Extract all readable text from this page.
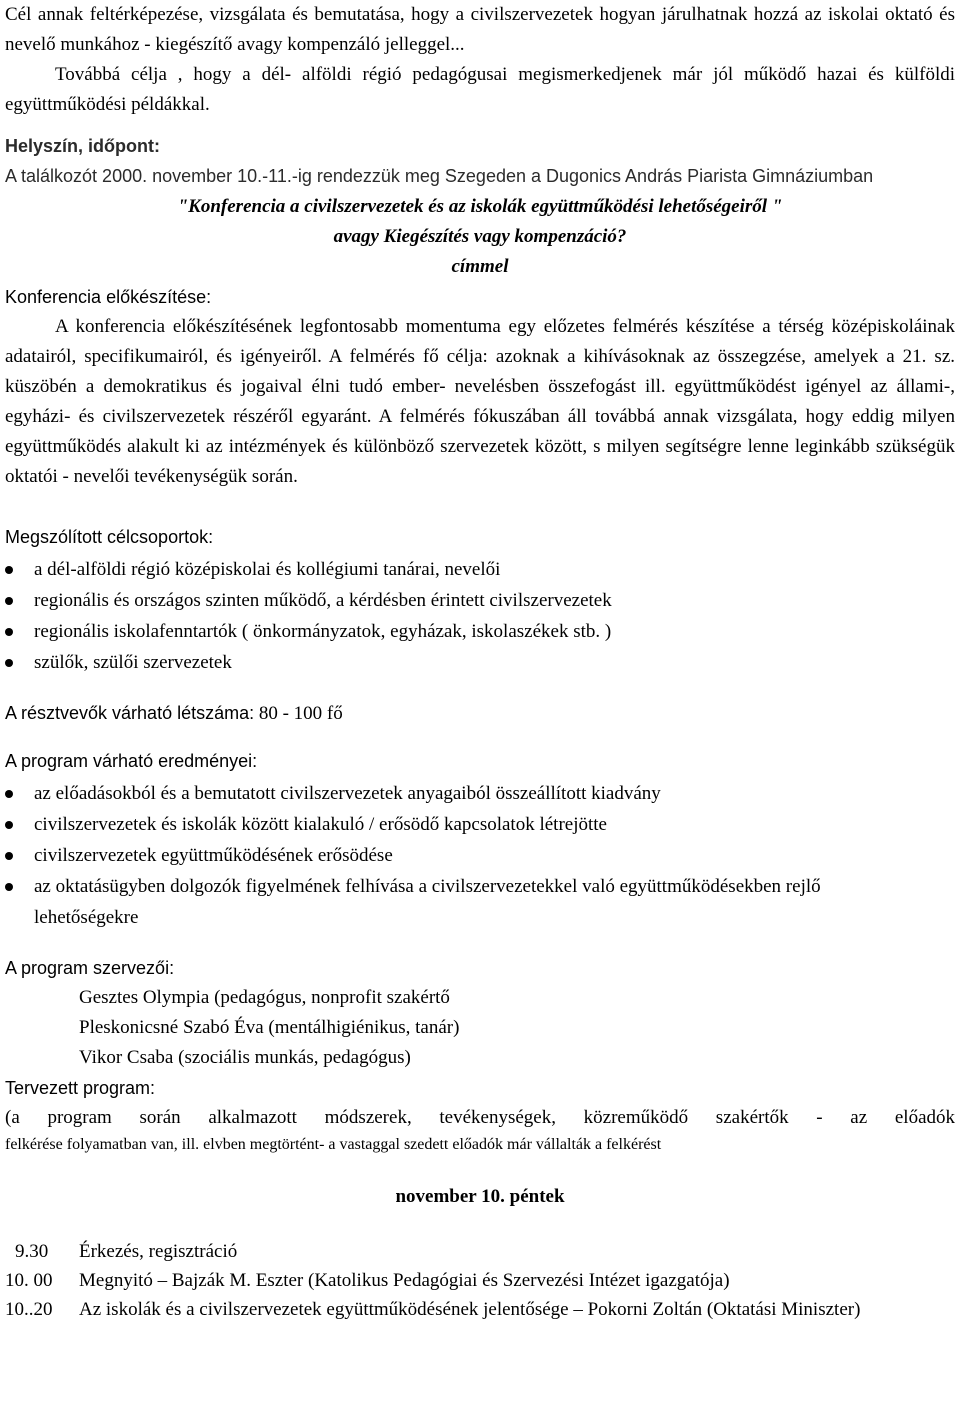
Cél annak feltérképezése, vizsgálata és bemutatása, hogy a civilszervezetek hogyan járulhatnak hozzá az iskolai oktató és nevelő munkához - kiegészítő avagy kompenzáló jelleggel...

Továbbá célja , hogy a dél- alföldi régió pedagógusai megismerkedjenek már jól működő hazai és külföldi együttműködési példákkal.

Helyszín, időpont:

A találkozót 2000. november 10.-11.-ig rendezzük meg Szegeden a Dugonics András Piarista Gimnáziumban

"Konferencia a civilszervezetek és az iskolák együttműködési lehetőségeiről "

avagy Kiegészítés vagy kompenzáció?

címmel

Konferencia előkészítése:

A konferencia előkészítésének legfontosabb momentuma egy előzetes felmérés készítése a térség középiskoláinak adatairól, specifikumairól, és igényeiről. A felmérés fő célja: azoknak a kihívásoknak az összegzése, amelyek a 21. sz. küszöbén a demokratikus és jogaival élni tudó ember- nevelésben összefogást ill. együttműködést igényel az állami-, egyházi- és civilszervezetek részéről egyaránt. A felmérés fókuszában áll továbbá annak vizsgálata, hogy eddig milyen együttműködés alakult ki az intézmények és különböző szervezetek között, s milyen segítségre lenne leginkább szükségük oktatói - nevelői tevékenységük során.

Megszólított célcsoportok:

a dél-alföldi régió középiskolai és kollégiumi tanárai, nevelői
regionális és országos szinten működő, a kérdésben érintett civilszervezetek
regionális iskolafenntartók ( önkormányzatok, egyházak, iskolaszékek stb. )
szülők, szülői szervezetek

A résztvevők várható létszáma: 80 - 100 fő

A program várható eredményei:

az előadásokból és a bemutatott civilszervezetek anyagaiból összeállított kiadvány
civilszervezetek és iskolák között kialakuló / erősödő kapcsolatok létrejötte
civilszervezetek együttműködésének erősödése
az oktatásügyben dolgozók figyelmének felhívása a civilszervezetekkel való együttműködésekben rejlő lehetőségekre

A program szervezői:

Gesztes Olympia (pedagógus, nonprofit szakértő

Pleskonicsné Szabó Éva (mentálhigiénikus, tanár)

Vikor Csaba (szociális munkás, pedagógus)

Tervezett program:

(a program során alkalmazott módszerek, tevékenységek, közreműködő szakértők - az előadók

felkérése folyamatban van, ill. elvben megtörtént- a vastaggal szedett előadók már vállalták a felkérést

november 10. péntek

9.30	Érkezés, regisztráció
10. 00	Megnyitó – Bajzák M. Eszter (Katolikus Pedagógiai és Szervezési Intézet igazgatója)
10..20	Az iskolák és a civilszervezetek együttműködésének jelentősége – Pokorni Zoltán (Oktatási Miniszter)
